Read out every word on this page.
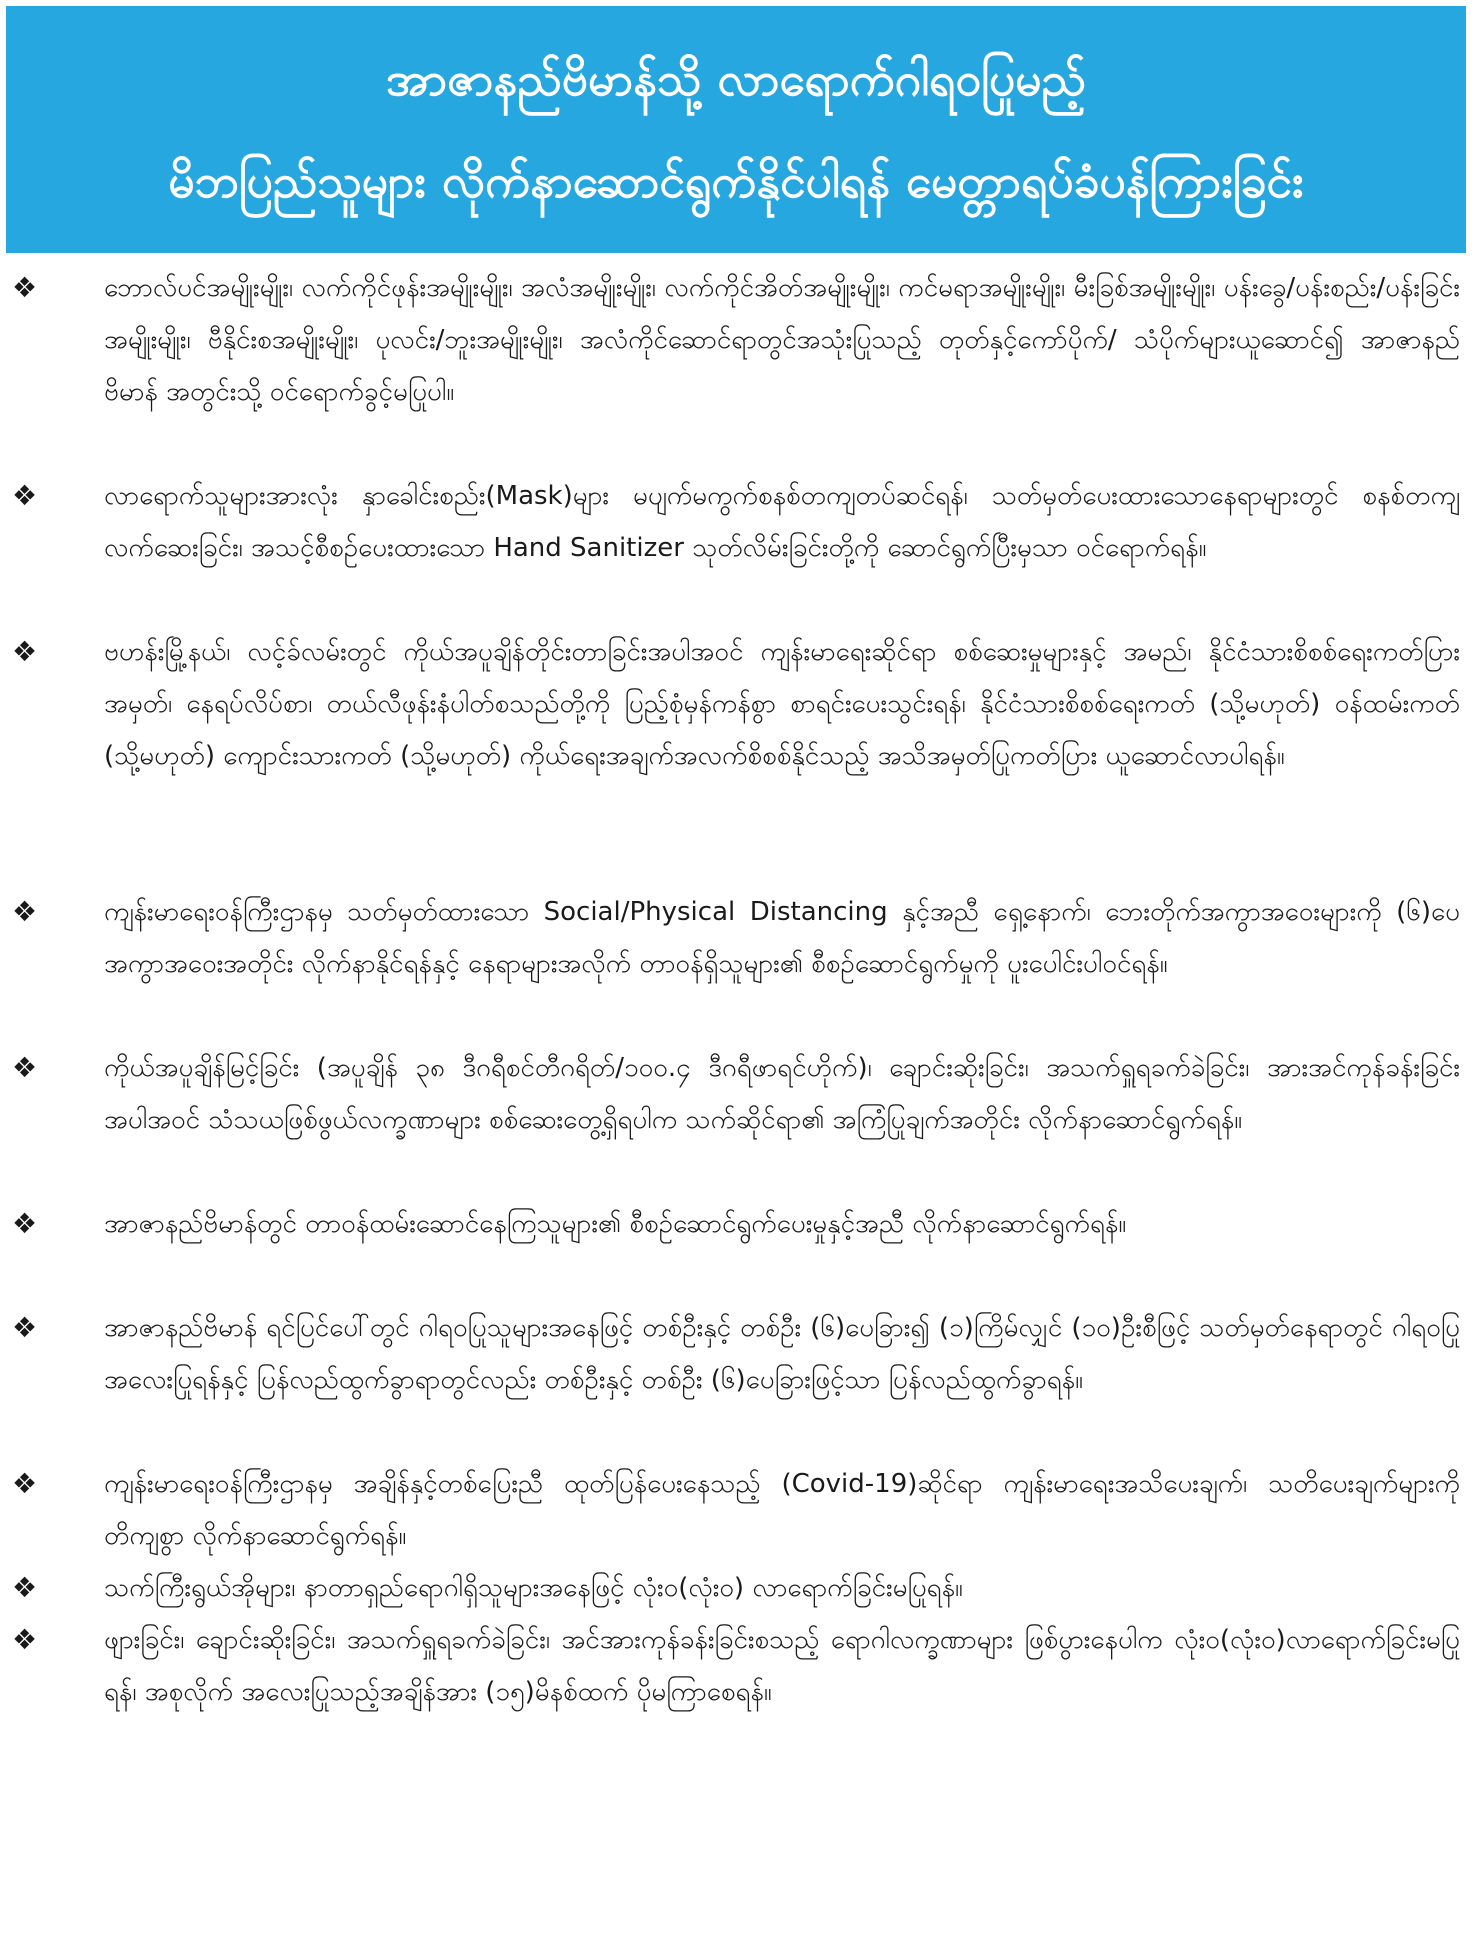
အာဇာနည်ဗိမာန်သို့ လာရောက်ဂါရဝပြုမည့်
မိဘပြည်သူများ လိုက်နာဆောင်ရွက်နိုင်ပါရန် မေတ္တာရပ်ခံပန်ကြားခြင်း
❖	ဘောလ်ပင်အမျိုးမျိုး၊ လက်ကိုင်ဖုန်းအမျိုးမျိုး၊ အလံအမျိုးမျိုး၊ လက်ကိုင်အိတ်အမျိုးမျိုး၊ ကင်မရာအမျိုးမျိုး၊ မီးခြစ်အမျိုးမျိုး၊ ပန်းခွေ/ပန်းစည်း/ပန်းခြင်းအမျိုးမျိုး၊ ဗီနိုင်းစအမျိုးမျိုး၊ ပုလင်း/ဘူးအမျိုးမျိုး၊ အလံကိုင်ဆောင်ရာတွင်အသုံးပြုသည့် တုတ်နှင့်ကော်ပိုက်/ သံပိုက်များယူဆောင်၍ အာဇာနည်ဗိမာန် အတွင်းသို့ ဝင်ရောက်ခွင့်မပြုပါ။
❖	လာရောက်သူများအားလုံး နှာခေါင်းစည်း(Mask)များ မပျက်မကွက်စနစ်တကျတပ်ဆင်ရန်၊ သတ်မှတ်ပေးထားသောနေရာများတွင် စနစ်တကျလက်ဆေးခြင်း၊ အသင့်စီစဉ်ပေးထားသော Hand Sanitizer သုတ်လိမ်းခြင်းတို့ကို ဆောင်ရွက်ပြီးမှသာ ဝင်ရောက်ရန်။
❖	ဗဟန်းမြို့နယ်၊ လင့်ခ်လမ်းတွင် ကိုယ်အပူချိန်တိုင်းတာခြင်းအပါအဝင် ကျန်းမာရေးဆိုင်ရာ စစ်ဆေးမှုများနှင့် အမည်၊ နိုင်ငံသားစိစစ်ရေးကတ်ပြားအမှတ်၊ နေရပ်လိပ်စာ၊ တယ်လီဖုန်းနံပါတ်စသည်တို့ကို ပြည့်စုံမှန်ကန်စွာ စာရင်းပေးသွင်းရန်၊ နိုင်ငံသားစိစစ်ရေးကတ် (သို့မဟုတ်) ဝန်ထမ်းကတ် (သို့မဟုတ်) ကျောင်းသားကတ် (သို့မဟုတ်) ကိုယ်ရေးအချက်အလက်စိစစ်နိုင်သည့် အသိအမှတ်ပြုကတ်ပြား ယူဆောင်လာပါရန်။
❖	ကျန်းမာရေးဝန်ကြီးဌာနမှ သတ်မှတ်ထားသော Social/Physical Distancing နှင့်အညီ ရှေ့နောက်၊ ဘေးတိုက်အကွာအဝေးများကို (၆)ပေအကွာအဝေးအတိုင်း လိုက်နာနိုင်ရန်နှင့် နေရာများအလိုက် တာဝန်ရှိသူများ၏ စီစဉ်ဆောင်ရွက်မှုကို ပူးပေါင်းပါဝင်ရန်။
❖	ကိုယ်အပူချိန်မြင့်ခြင်း (အပူချိန် ၃၈ ဒီဂရီစင်တီဂရိတ်/၁၀၀.၄ ဒီဂရီဖာရင်ဟိုက်)၊ ချောင်းဆိုးခြင်း၊ အသက်ရှူရခက်ခဲခြင်း၊ အားအင်ကုန်ခန်းခြင်းအပါအဝင် သံသယဖြစ်ဖွယ်လက္ခဏာများ စစ်ဆေးတွေ့ရှိရပါက သက်ဆိုင်ရာ၏ အကြံပြုချက်အတိုင်း လိုက်နာဆောင်ရွက်ရန်။
❖	အာဇာနည်ဗိမာန်တွင် တာဝန်ထမ်းဆောင်နေကြသူများ၏ စီစဉ်ဆောင်ရွက်ပေးမှုနှင့်အညီ လိုက်နာဆောင်ရွက်ရန်။
❖	အာဇာနည်ဗိမာန် ရင်ပြင်ပေါ်တွင် ဂါရဝပြုသူများအနေဖြင့် တစ်ဦးနှင့် တစ်ဦး (၆)ပေခြား၍ (၁)ကြိမ်လျှင် (၁၀)ဦးစီဖြင့် သတ်မှတ်နေရာတွင် ဂါရဝပြုအလေးပြုရန်နှင့် ပြန်လည်ထွက်ခွာရာတွင်လည်း တစ်ဦးနှင့် တစ်ဦး (၆)ပေခြားဖြင့်သာ ပြန်လည်ထွက်ခွာရန်။
❖	ကျန်းမာရေးဝန်ကြီးဌာနမှ အချိန်နှင့်တစ်ပြေးညီ ထုတ်ပြန်ပေးနေသည့် (Covid-19)ဆိုင်ရာ ကျန်းမာရေးအသိပေးချက်၊ သတိပေးချက်များကို တိကျစွာ လိုက်နာဆောင်ရွက်ရန်။
❖	သက်ကြီးရွယ်အိုများ၊ နာတာရှည်ရောဂါရှိသူများအနေဖြင့် လုံးဝ(လုံးဝ) လာရောက်ခြင်းမပြုရန်။
❖	ဖျားခြင်း၊ ချောင်းဆိုးခြင်း၊ အသက်ရှူရခက်ခဲခြင်း၊ အင်အားကုန်ခန်းခြင်းစသည့် ရောဂါလက္ခဏာများ ဖြစ်ပွားနေပါက လုံးဝ(လုံးဝ)လာရောက်ခြင်းမပြုရန်၊ အစုလိုက် အလေးပြုသည့်အချိန်အား (၁၅)မိနစ်ထက် ပိုမကြာစေရန်။
